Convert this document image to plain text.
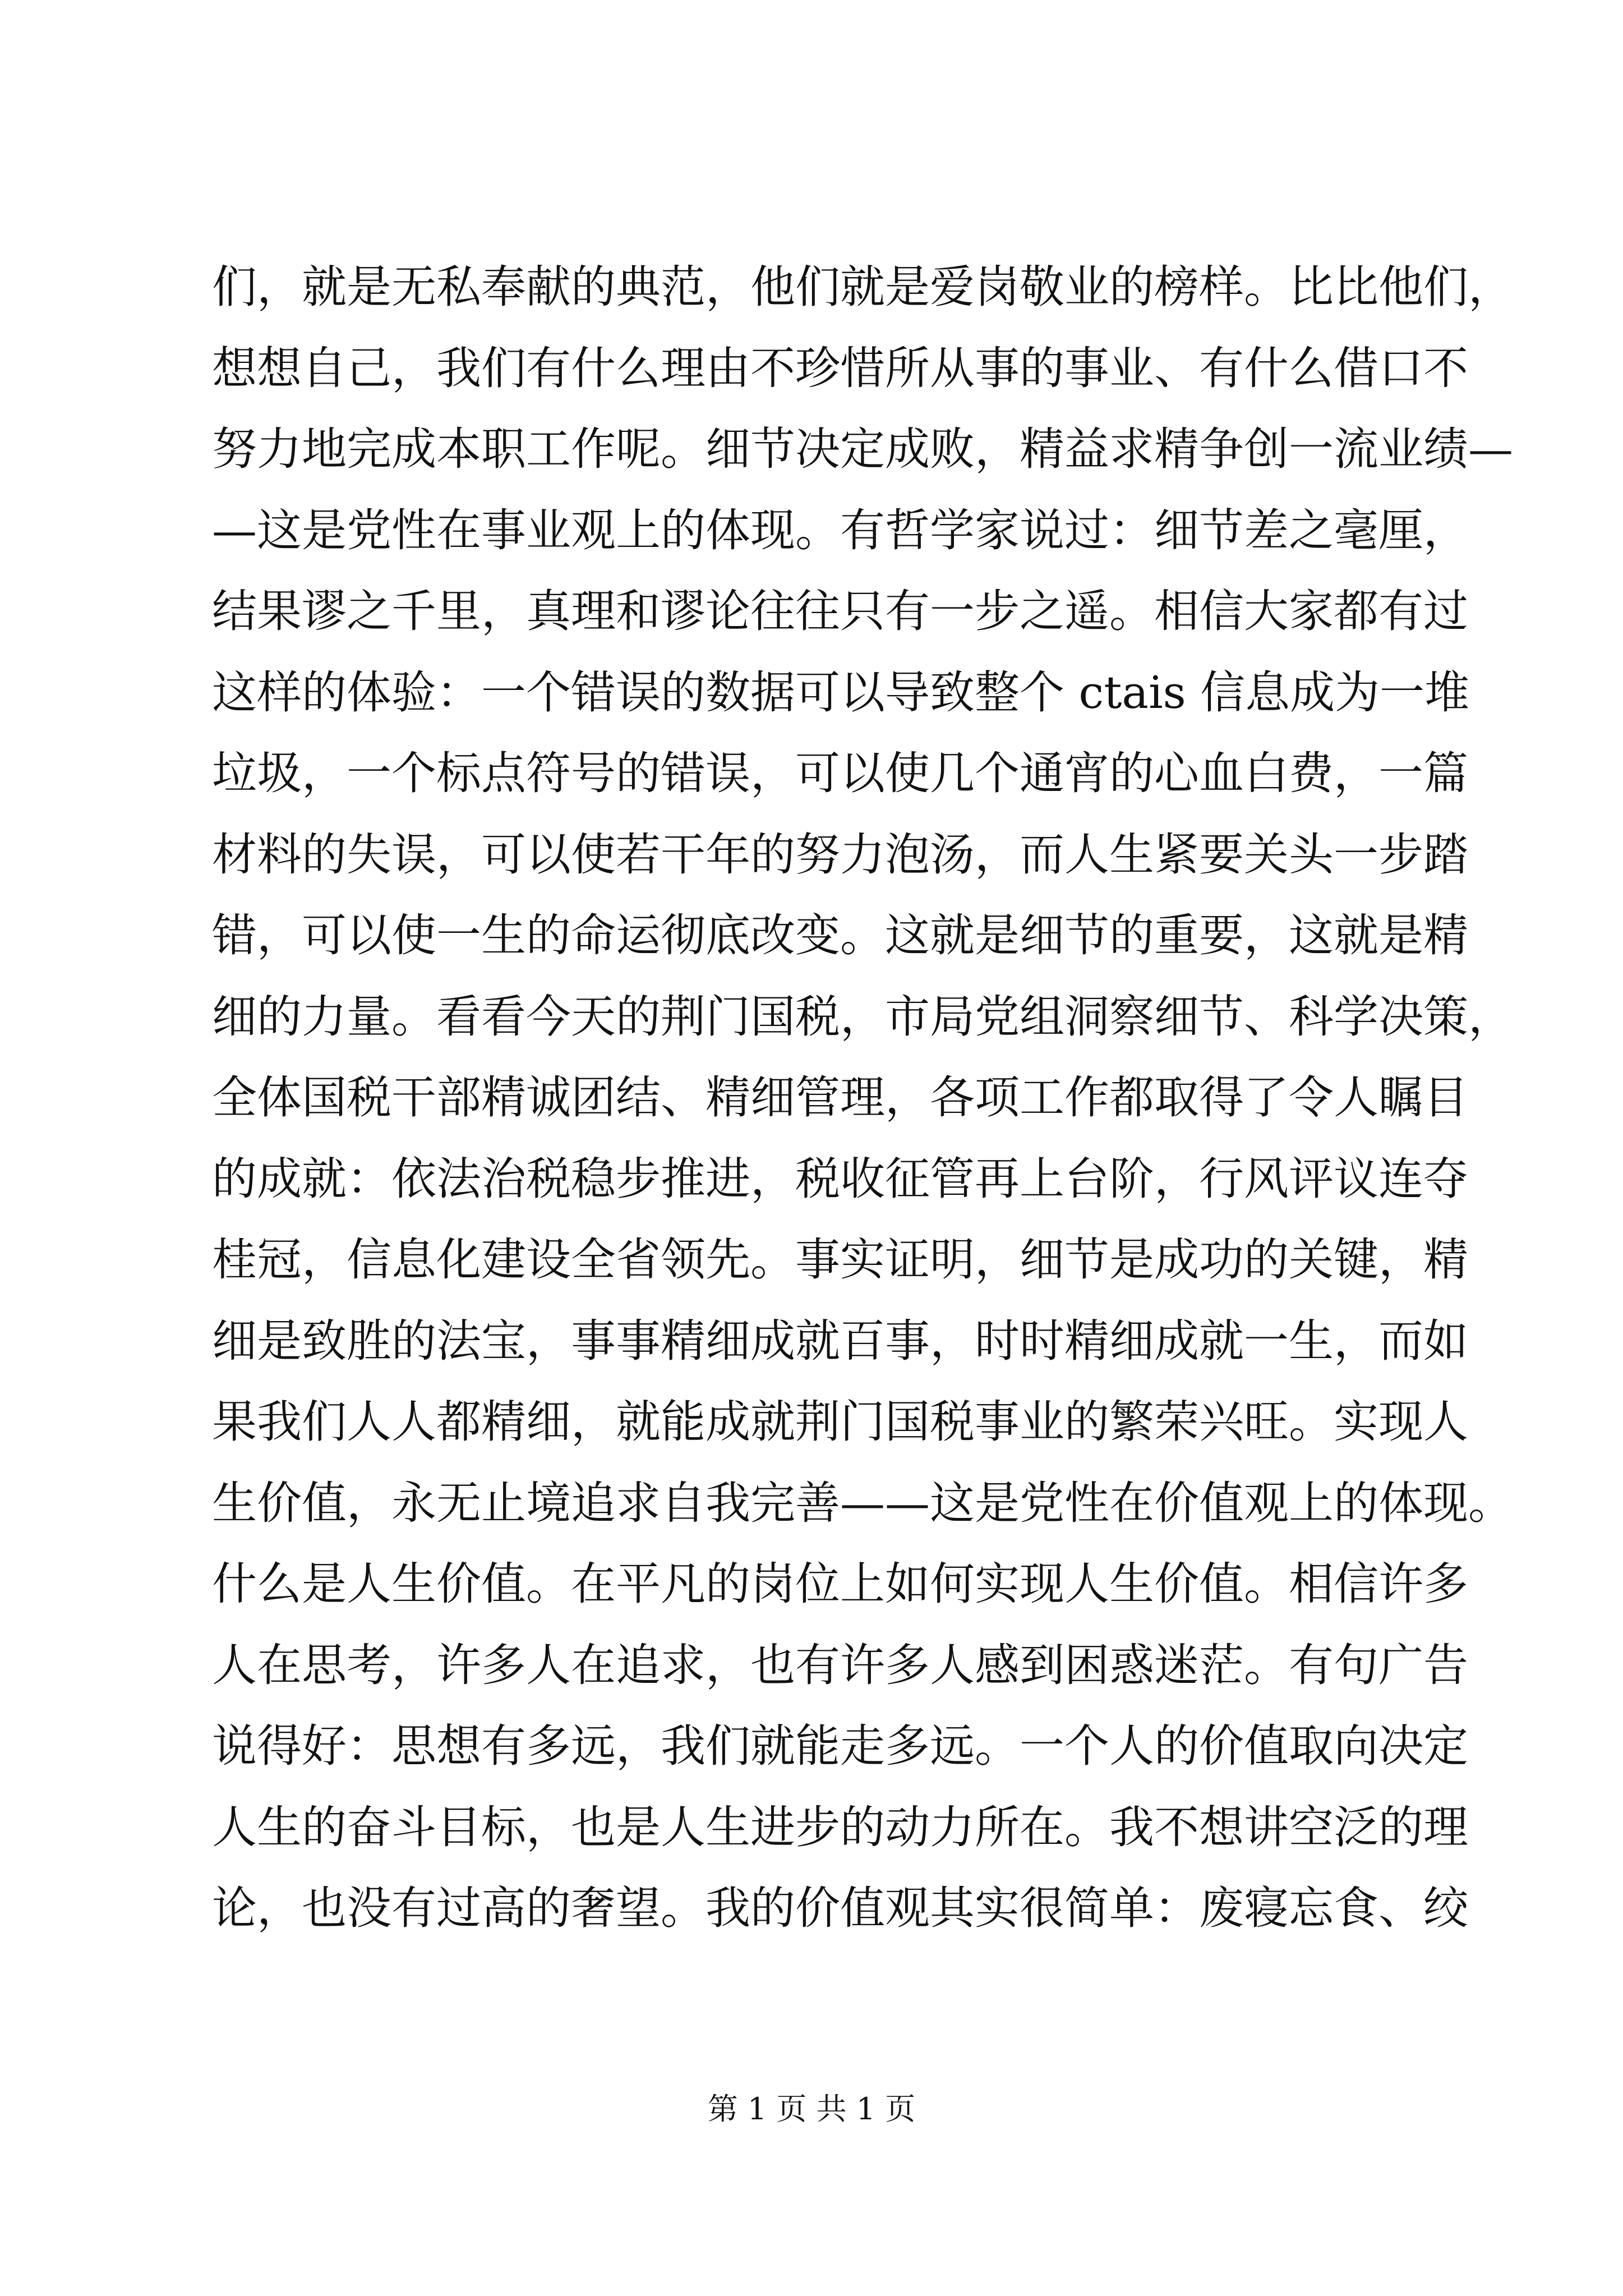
们，就是无私奉献的典范，他们就是爱岗敬业的榜样。比比他们，
想想自己，我们有什么理由不珍惜所从事的事业、有什么借口不
努力地完成本职工作呢。细节决定成败，精益求精争创一流业绩—
—这是党性在事业观上的体现。有哲学家说过：细节差之毫厘，
结果谬之千里，真理和谬论往往只有一步之遥。相信大家都有过
这样的体验：一个错误的数据可以导致整个 ctais 信息成为一堆
垃圾，一个标点符号的错误，可以使几个通宵的心血白费，一篇
材料的失误，可以使若干年的努力泡汤，而人生紧要关头一步踏
错，可以使一生的命运彻底改变。这就是细节的重要，这就是精
细的力量。看看今天的荆门国税，市局党组洞察细节、科学决策，
全体国税干部精诚团结、精细管理，各项工作都取得了令人瞩目
的成就：依法治税稳步推进，税收征管再上台阶，行风评议连夺
桂冠，信息化建设全省领先。事实证明，细节是成功的关键，精
细是致胜的法宝，事事精细成就百事，时时精细成就一生，而如
果我们人人都精细，就能成就荆门国税事业的繁荣兴旺。实现人
生价值，永无止境追求自我完善——这是党性在价值观上的体现。
什么是人生价值。在平凡的岗位上如何实现人生价值。相信许多
人在思考，许多人在追求，也有许多人感到困惑迷茫。有句广告
说得好：思想有多远，我们就能走多远。一个人的价值取向决定
人生的奋斗目标，也是人生进步的动力所在。我不想讲空泛的理
论，也没有过高的奢望。我的价值观其实很简单：废寝忘食、绞
第 1 页 共 1 页
